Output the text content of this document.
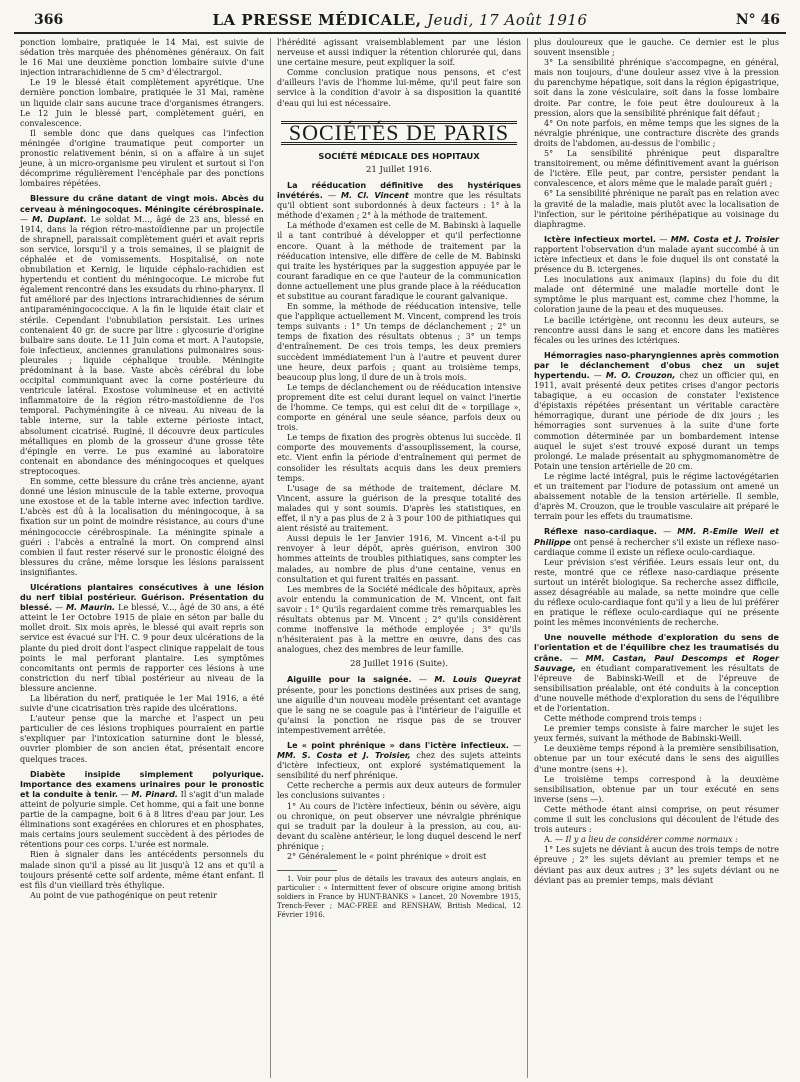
366	LA PRESSE MÉDICALE, Jeudi, 17 Août 1916	N° 46

ponction lombaire, pratiquée le 14 Mai, est suivie de sédation très marquée des phénomènes généraux. On fait le 16 Mai une deuxième ponction lombaire suivie d'une injection intrarachidienne de 5 cm³ d'électrargol.

Le 19 le blessé était complètement apyrétique. Une dernière ponction lombaire, pratiquée le 31 Mai, ramène un liquide clair sans aucune trace d'organismes étrangers. Le 12 Juin le blessé part, complètement guéri, en convalescence.

Il semble donc que dans quelques cas l'infection méningée d'origine traumatique peut comporter un pronostic relativement bénin, si on a affaire à un sujet jeune, à un micro-organisme peu virulent et surtout si l'on décomprime régulièrement l'encéphale par des ponctions lombaires répétées.

Blessure du crâne datant de vingt mois. Abcès du cerveau à méningocoques. Méningite cérébrospinale. — M. Duplant. Le soldat M..., âgé de 23 ans, blessé en 1914, dans la région rétro-mastoïdienne par un projectile de shrapnell, paraissait complètement guéri et avait repris son service, lorsqu'il y a trois semaines, il se plaignit de céphalée et de vomissements. Hospitalisé, on note obnubilation et Kernig, le liquide céphalo-rachidien est hypertendu et contient du méningocoque. Le microbe fut également rencontré dans les exsudats du rhino-pharynx. Il fut amélioré par des injections intrarachidiennes de sérum antiparaméningococcique. A la fin le liquide était clair et stérile. Cependant l'obnubilation persistait. Les urines contenaient 40 gr. de sucre par litre : glycosurie d'origine bulbaire sans doute. Le 11 Juin coma et mort. A l'autopsie, foie infectieux, anciennes granulations pulmonaires sous-pleurales ; liquide céphalique trouble. Méningite prédominant à la base. Vaste abcès cérébral du lobe occipital communiquant avec la corne postérieure du ventricule latéral. Exostose volumineuse et en activité inflammatoire de la région rétro-mastoïdienne de l'os temporal. Pachyméningite à ce niveau. Au niveau de la table interne, sur la table externe périoste intact, absolument cicatrisé. Ruginé, il découvre deux particules métalliques en plomb de la grosseur d'une grosse tête d'épingle en verre. Le pus examiné au laboratoire contenait en abondance des méningocoques et quelques streptocoques.

En somme, cette blessure du crâne très ancienne, ayant donné une lésion minuscule de la table externe, provoqua une exostose et de la table interne avec infection tardive. L'abcès est dû à la localisation du méningocoque, à sa fixation sur un point de moindre résistance, au cours d'une méningococcie cérébrospinale. La méningite spinale a guéri : l'abcès a entraîné la mort. On comprend ainsi combien il faut rester réservé sur le pronostic éloigné des blessures du crâne, même lorsque les lésions paraissent insignifiantes.

Ulcérations plantaires consécutives à une lésion du nerf tibial postérieur. Guérison. Présentation du blessé. — M. Maurin. Le blessé, V..., âgé de 30 ans, a été atteint le 1er Octobre 1915 de plaie en séton par balle du mollet droit. Six mois après, le blessé qui avait repris son service est évacué sur l'H. C. 9 pour deux ulcérations de la plante du pied droit dont l'aspect clinique rappelait de tous points le mal perforant plantaire. Les symptômes concomitants ont permis de rapporter ces lésions à une constriction du nerf tibial postérieur au niveau de la blessure ancienne.

La libération du nerf, pratiquée le 1er Mai 1916, a été suivie d'une cicatrisation très rapide des ulcérations.

L'auteur pense que la marche et l'aspect un peu particulier de ces lésions trophiques pourraient en partie s'expliquer par l'intoxication saturnine dont le blessé, ouvrier plombier de son ancien état, présentait encore quelques traces.

Diabète insipide simplement polyurique. Importance des examens urinaires pour le pronostic et la conduite à tenir. — M. Pinard. Il s'agit d'un malade atteint de polyurie simple. Cet homme, qui a fait une bonne partie de la campagne, boit 6 à 8 litres d'eau par jour. Les éliminations sont exagérées en chlorures et en phosphates, mais certains jours seulement succèdent à des périodes de rétentions pour ces corps. L'urée est normale.

Rien à signaler dans les antécédents personnels du malade sinon qu'il a pissé au lit jusqu'à 12 ans et qu'il a toujours présenté cette soif ardente, même étant enfant. Il est fils d'un vieillard très éthylique.

Au point de vue pathogénique on peut retenir

l'hérédité agissant vraisemblablement par une lésion nerveuse et aussi indiquer la rétention chlorurée qui, dans une certaine mesure, peut expliquer la soif.

Comme conclusion pratique nous pensons, et c'est d'ailleurs l'avis de l'homme lui-même, qu'il peut faire son service à la condition d'avoir à sa disposition la quantité d'eau qui lui est nécessaire.

SOCIÉTÉS DE PARIS
SOCIÉTÉ MÉDICALE DES HOPITAUX
21 Juillet 1916.

La rééducation définitive des hystériques invétérés. — M. Cl. Vincent montre que les résultats qu'il obtient sont subordonnés à deux facteurs : 1° à la méthode d'examen ; 2° à la méthode de traitement.

La méthode d'examen est celle de M. Babinski à laquelle il a tant contribué à développer et qu'il perfectionne encore. Quant à la méthode de traitement par la rééducation intensive, elle diffère de celle de M. Babinski qui traite les hystériques par la suggestion appuyée par le courant faradique en ce que l'auteur de la communication donne actuellement une plus grande place à la rééducation et substitue au courant faradique le courant galvanique.

En somme, la méthode de rééducation intensive, telle que l'applique actuellement M. Vincent, comprend les trois temps suivants : 1° Un temps de déclanchement ; 2° un temps de fixation des résultats obtenus ; 3° un temps d'entraînement. De ces trois temps, les deux premiers succèdent immédiatement l'un à l'autre et peuvent durer une heure, deux parfois ; quant au troisième temps, beaucoup plus long, il dure de un à trois mois.

Le temps de déclanchement ou de rééducation intensive proprement dite est celui durant lequel on vainct l'inertie de l'homme. Ce temps, qui est celui dit de « torpillage », comporte en général une seule séance, parfois deux ou trois.

Le temps de fixation des progrès obtenus lui succède. Il comporte des mouvements d'assouplissement, la course, etc. Vient enfin la période d'entraînement qui permet de consolider les résultats acquis dans les deux premiers temps.

L'usage de sa méthode de traitement, déclare M. Vincent, assure la guérison de la presque totalité des malades qui y sont soumis. D'après les statistiques, en effet, il n'y a pas plus de 2 à 3 pour 100 de pithiatiques qui aient résisté au traitement.

Aussi depuis le 1er Janvier 1916, M. Vincent a-t-il pu renvoyer à leur dépôt, après guérison, environ 300 hommes atteints de troubles pithiatiques, sans compter les malades, au nombre de plus d'une centaine, venus en consultation et qui furent traités en passant.

Les membres de la Société médicale des hôpitaux, après avoir entendu la communication de M. Vincent, ont fait savoir : 1° Qu'ils regardaient comme très remarquables les résultats obtenus par M. Vincent ; 2° qu'ils considèrent comme inoffensive la méthode employée ; 3° qu'ils n'hésiteraient pas à la mettre en œuvre, dans des cas analogues, chez des membres de leur famille.

28 Juillet 1916 (Suite).

Aiguille pour la saignée. — M. Louis Queyrat présente, pour les ponctions destinées aux prises de sang, une aiguille d'un nouveau modèle présentant cet avantage que le sang ne se coagule pas à l'intérieur de l'aiguille et qu'ainsi la ponction ne risque pas de se trouver intempestivement arrêtée.

Le « point phrénique » dans l'ictère infectieux. — MM. S. Costa et J. Troisier, chez des sujets atteints d'ictère infectieux, ont exploré systématiquement la sensibilité du nerf phrénique.

Cette recherche a permis aux deux auteurs de formuler les conclusions suivantes :

1° Au cours de l'ictère infectieux, bénin ou sévère, aigu ou chronique, on peut observer une névralgie phrénique qui se traduit par la douleur à la pression, au cou, au-devant du scalène antérieur, le long duquel descend le nerf phrénique ;

2° Généralement le « point phrénique » droit est

1. Voir pour plus de détails les travaux des auteurs anglais, en particulier : « Intermittent fever of obscure origine among british soldiers in France by HUNT-BANKS » Lancet, 20 Novembre 1915, Trench-Fever ; MAC-FREE and RENSHAW, British Medical, 12 Février 1916.

plus douloureux que le gauche. Ce dernier est le plus souvent insensible ;

3° La sensibilité phrénique s'accompagne, en général, mais non toujours, d'une douleur assez vive à la pression du parenchyme hépatique, soit dans la région épigastrique, soit dans la zone vésiculaire, soit dans la fosse lombaire droite. Par contre, le foie peut être douloureux à la pression, alors que la sensibilité phrénique fait défaut ;

4° On note parfois, en même temps que les signes de la névralgie phrénique, une contracture discrète des grands droits de l'abdomen, au-dessus de l'ombilic ;

5° La sensibilité phrénique peut disparaître transitoirement, ou même définitivement avant la guérison de l'ictère. Elle peut, par contre, persister pendant la convalescence, et alors même que le malade paraît guéri ;

6° La sensibilité phrénique ne paraît pas en relation avec la gravité de la maladie, mais plutôt avec la localisation de l'infection, sur le péritoine périhépatique au voisinage du diaphragme.

Ictère infectieux mortel. — MM. Costa et J. Troisier rapportent l'observation d'un malade ayant succombé à un ictère infectieux et dans le foie duquel ils ont constaté la présence du B. ictergenes.

Les inoculations aux animaux (lapins) du foie du dit malade ont déterminé une maladie mortelle dont le symptôme le plus marquant est, comme chez l'homme, la coloration jaune de la peau et des muqueuses.

Le bacille ictérigène, ont reconnu les deux auteurs, se rencontre aussi dans le sang et encore dans les matières fécales ou les urines des ictériques.

Hémorragies naso-pharyngiennes après commotion par le déclanchement d'obus chez un sujet hypertendu. — M. O. Crouzon, chez un officier qui, en 1911, avait présenté deux petites crises d'angor pectoris tabagique, a eu occasion de constater l'existence d'épistaxis répétées présentant un véritable caractère hémorragique, durant une période de dix jours ; les hémorragies sont survenues à la suite d'une forte commotion déterminée par un bombardement intense auquel le sujet s'est trouvé exposé durant un temps prolongé. Le malade présentait au sphygmomanomètre de Potain une tension artérielle de 20 cm.

Le régime lacté intégral, puis le régime lactovégétarien et un traitement par l'iodure de potassium ont amené un abaissement notable de la tension artérielle. Il semble, d'après M. Crouzon, que le trouble vasculaire ait préparé le terrain pour les effets du traumatisme.

Réflexe naso-cardiaque. — MM. P.-Emile Weil et Philippe ont pensé à rechercher s'il existe un réflexe naso-cardiaque comme il existe un réflexe oculo-cardiaque.

Leur prévision s'est vérifiée. Leurs essais leur ont, du reste, montré que ce réflexe naso-cardiaque présente surtout un intérêt biologique. Sa recherche assez difficile, assez désagréable au malade, sa nette moindre que celle du réflexe oculo-cardiaque font qu'il y a lieu de lui préférer en pratique le réflexe oculo-cardiaque qui ne présente point les mêmes inconvénients de recherche.

Une nouvelle méthode d'exploration du sens de l'orientation et de l'équilibre chez les traumatisés du crâne. — MM. Castan, Paul Descomps et Roger Sauvage, en étudiant comparativement les résultats de l'épreuve de Babinski-Weill et de l'épreuve de sensibilisation préalable, ont été conduits à la conception d'une nouvelle méthode d'exploration du sens de l'équilibre et de l'orientation.

Cette méthode comprend trois temps :

Le premier temps consiste à faire marcher le sujet les yeux fermés, suivant la méthode de Babinski-Weill.

Le deuxième temps répond à la première sensibilisation, obtenue par un tour exécuté dans le sens des aiguilles d'une montre (sens +).

Le troisième temps correspond à la deuxième sensibilisation, obtenue par un tour exécuté en sens inverse (sens —).

Cette méthode étant ainsi comprise, on peut résumer comme il suit les conclusions qui découlent de l'étude des trois auteurs :

A. — Il y a lieu de considérer comme normaux :

1° Les sujets ne déviant à aucun des trois temps de notre épreuve ; 2° les sujets déviant au premier temps et ne déviant pas aux deux autres ; 3° les sujets déviant ou ne déviant pas au premier temps, mais déviant
